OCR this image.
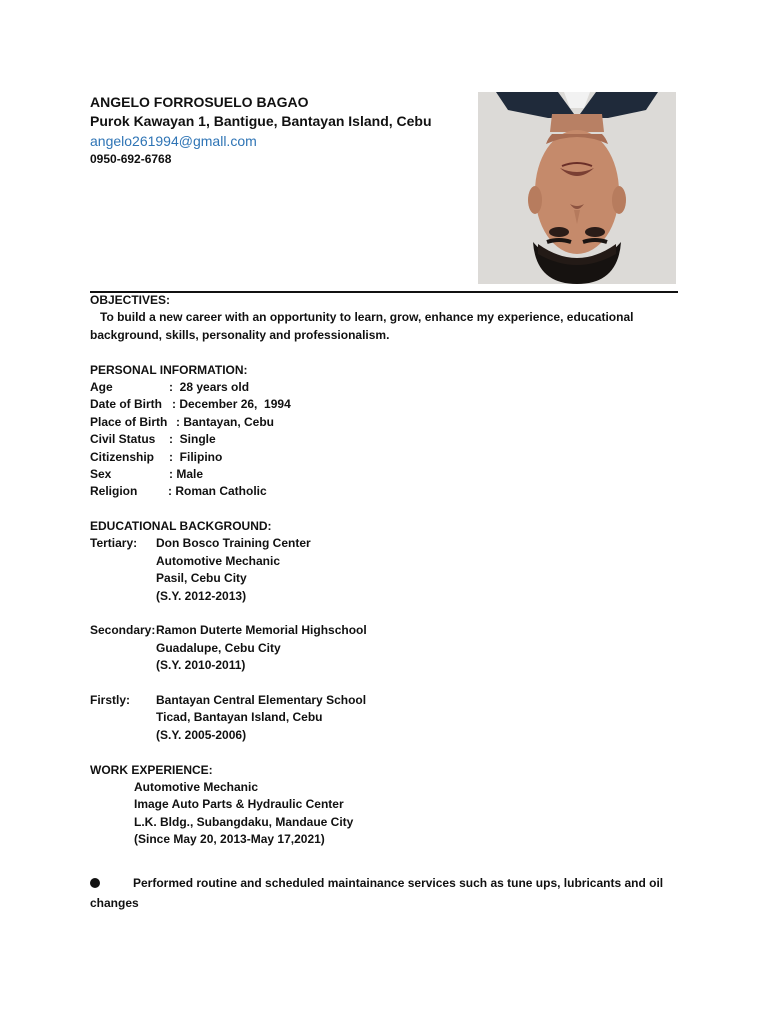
ANGELO FORROSUELO BAGAO
Purok Kawayan 1, Bantigue, Bantayan Island, Cebu
angelo261994@gmall.com
0950-692-6768
OBJECTIVES:
To build a new career with an opportunity to learn, grow, enhance my experience, educational
background, skills, personality and professionalism.
PERSONAL INFORMATION:
Age	:  28 years old
Date of Birth : December 26,  1994
Place of Birth : Bantayan, Cebu
Civil Status :  Single
Citizenship :  Filipino
Sex	: Male
Religion	: Roman Catholic
EDUCATIONAL BACKGROUND:
Tertiary: Don Bosco Training Center
Automotive Mechanic
Pasil, Cebu City
(S.Y. 2012-2013)
Secondary:Ramon Duterte Memorial Highschool
Guadalupe, Cebu City
(S.Y. 2010-2011)
Firstly: Bantayan Central Elementary School
Ticad, Bantayan Island, Cebu
(S.Y. 2005-2006)
WORK EXPERIENCE:
Automotive Mechanic
Image Auto Parts & Hydraulic Center
L.K. Bldg., Subangdaku, Mandaue City
(Since May 20, 2013-May 17,2021)
Performed routine and scheduled maintainance services such as tune ups, lubricants and oil
changes
